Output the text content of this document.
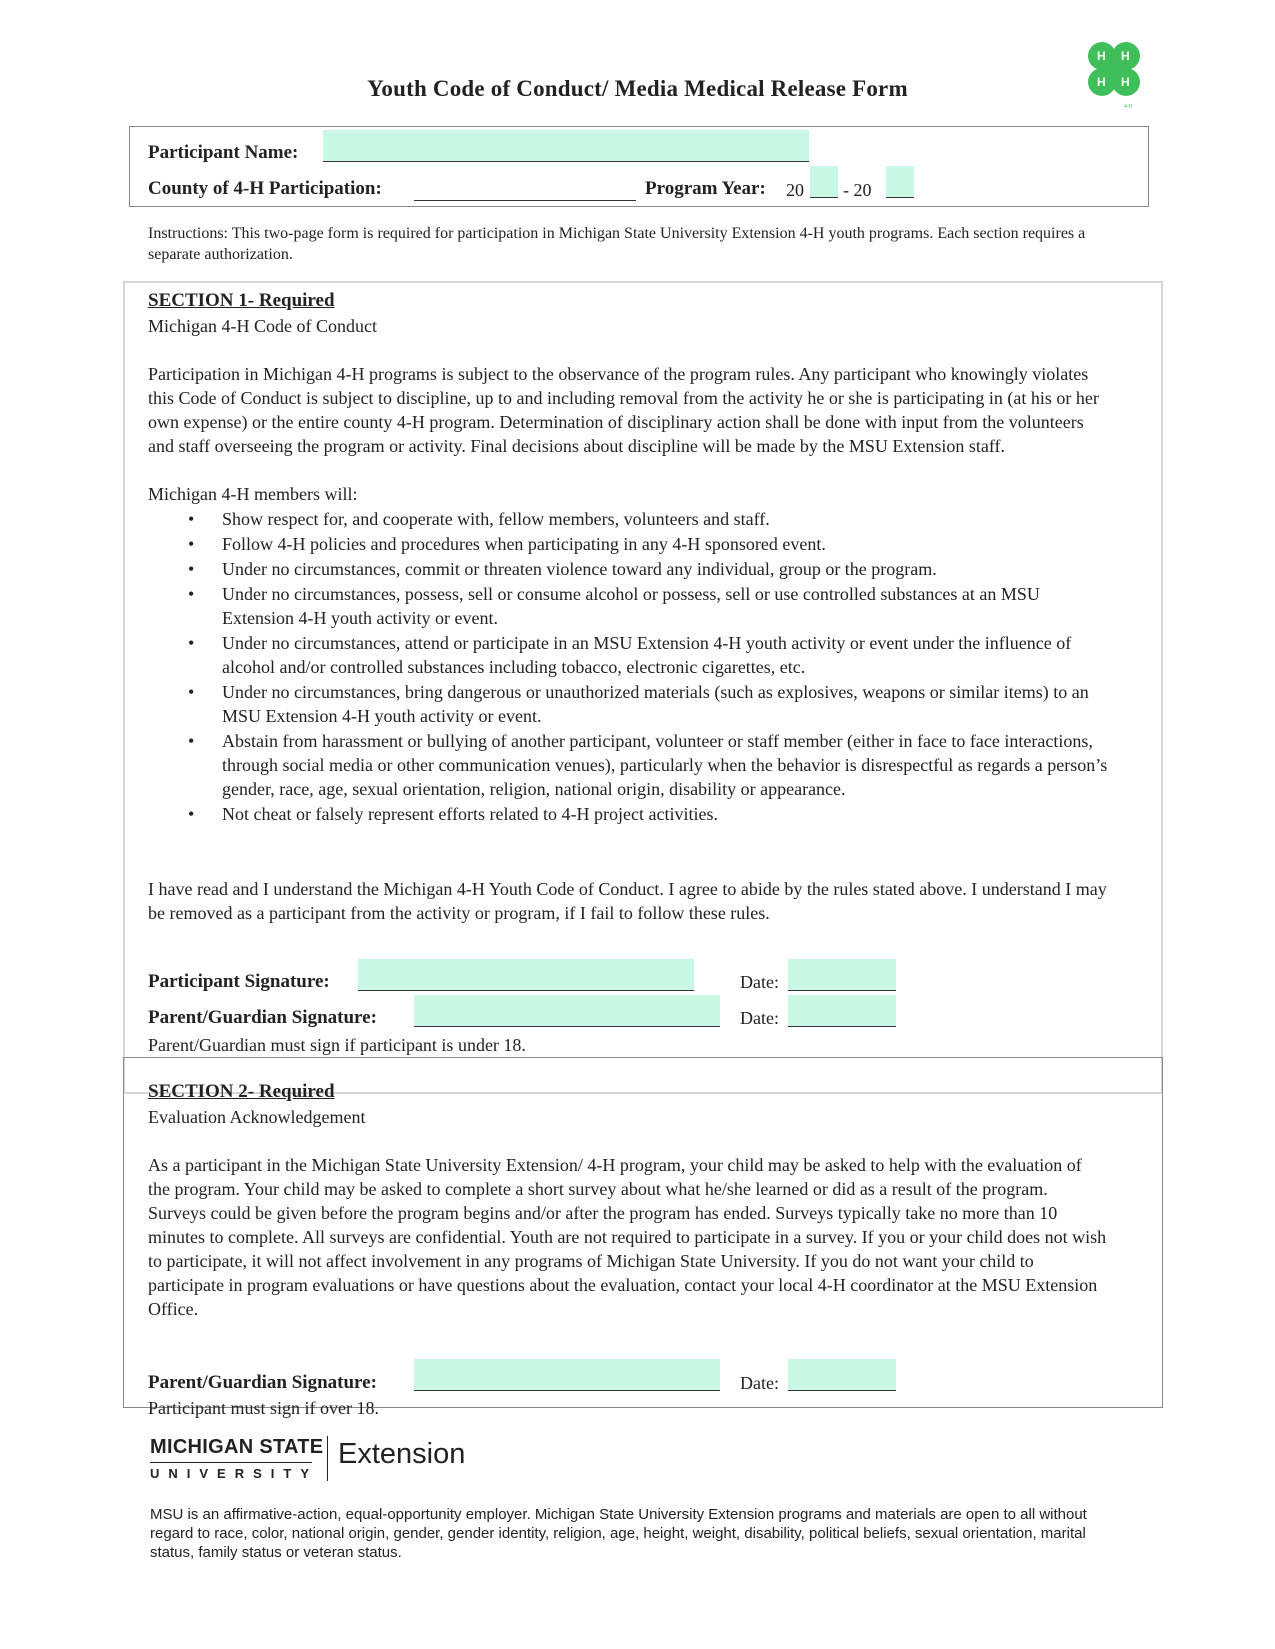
Youth Code of Conduct/ Media Medical Release Form
H H
H H
4-H
Participant Name:
County of 4-H Participation:	Program Year: 20 - 20
Instructions: This two-page form is required for participation in Michigan State University Extension 4-H youth programs. Each section requires a separate authorization.
SECTION 1- Required
Michigan 4-H Code of Conduct
Participation in Michigan 4-H programs is subject to the observance of the program rules. Any participant who knowingly violates this Code of Conduct is subject to discipline, up to and including removal from the activity he or she is participating in (at his or her own expense) or the entire county 4-H program. Determination of disciplinary action shall be done with input from the volunteers and staff overseeing the program or activity. Final decisions about discipline will be made by the MSU Extension staff.
Michigan 4-H members will:
• Show respect for, and cooperate with, fellow members, volunteers and staff.
• Follow 4-H policies and procedures when participating in any 4-H sponsored event.
• Under no circumstances, commit or threaten violence toward any individual, group or the program.
• Under no circumstances, possess, sell or consume alcohol or possess, sell or use controlled substances at an MSU Extension 4-H youth activity or event.
• Under no circumstances, attend or participate in an MSU Extension 4-H youth activity or event under the influence of alcohol and/or controlled substances including tobacco, electronic cigarettes, etc.
• Under no circumstances, bring dangerous or unauthorized materials (such as explosives, weapons or similar items) to an MSU Extension 4-H youth activity or event.
• Abstain from harassment or bullying of another participant, volunteer or staff member (either in face to face interactions, through social media or other communication venues), particularly when the behavior is disrespectful as regards a person’s gender, race, age, sexual orientation, religion, national origin, disability or appearance.
• Not cheat or falsely represent efforts related to 4-H project activities.
I have read and I understand the Michigan 4-H Youth Code of Conduct. I agree to abide by the rules stated above. I understand I may be removed as a participant from the activity or program, if I fail to follow these rules.
Participant Signature:	Date:
Parent/Guardian Signature:	Date:
Parent/Guardian must sign if participant is under 18.
SECTION 2- Required
Evaluation Acknowledgement
As a participant in the Michigan State University Extension/ 4-H program, your child may be asked to help with the evaluation of the program. Your child may be asked to complete a short survey about what he/she learned or did as a result of the program. Surveys could be given before the program begins and/or after the program has ended. Surveys typically take no more than 10 minutes to complete. All surveys are confidential. Youth are not required to participate in a survey. If you or your child does not wish to participate, it will not affect involvement in any programs of Michigan State University. If you do not want your child to participate in program evaluations or have questions about the evaluation, contact your local 4-H coordinator at the MSU Extension Office.
Parent/Guardian Signature:	Date:
Participant must sign if over 18.
MICHIGAN STATE
UNIVERSITY
Extension
MSU is an affirmative-action, equal-opportunity employer. Michigan State University Extension programs and materials are open to all without regard to race, color, national origin, gender, gender identity, religion, age, height, weight, disability, political beliefs, sexual orientation, marital status, family status or veteran status.
